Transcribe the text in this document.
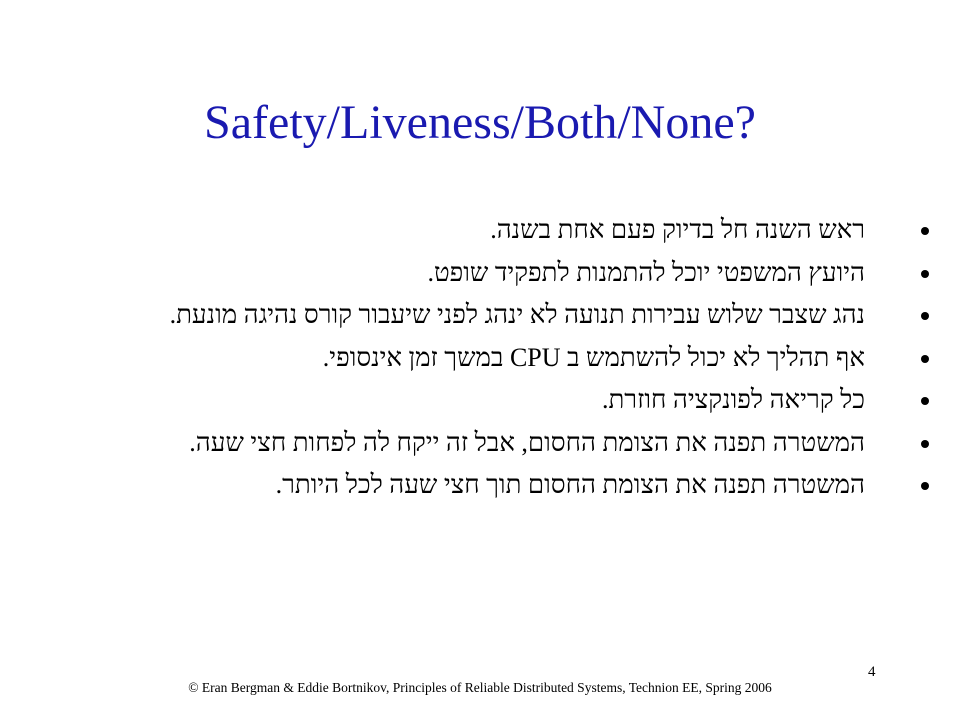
Safety/Liveness/Both/None?
ראש השנה חל בדיוק פעם אחת בשנה.
היועץ המשפטי יוכל להתמנות לתפקיד שופט.
נהג שצבר שלוש עבירות תנועה לא ינהג לפני שיעבור קורס נהיגה מונעת.
אף תהליך לא יכול להשתמש ב CPU במשך זמן אינסופי.
כל קריאה לפונקציה חוזרת.
המשטרה תפנה את הצומת החסום, אבל זה ייקח לה לפחות חצי שעה.
המשטרה תפנה את הצומת החסום תוך חצי שעה לכל היותר.
4
© Eran Bergman & Eddie Bortnikov, Principles of Reliable Distributed Systems, Technion EE, Spring 2006
